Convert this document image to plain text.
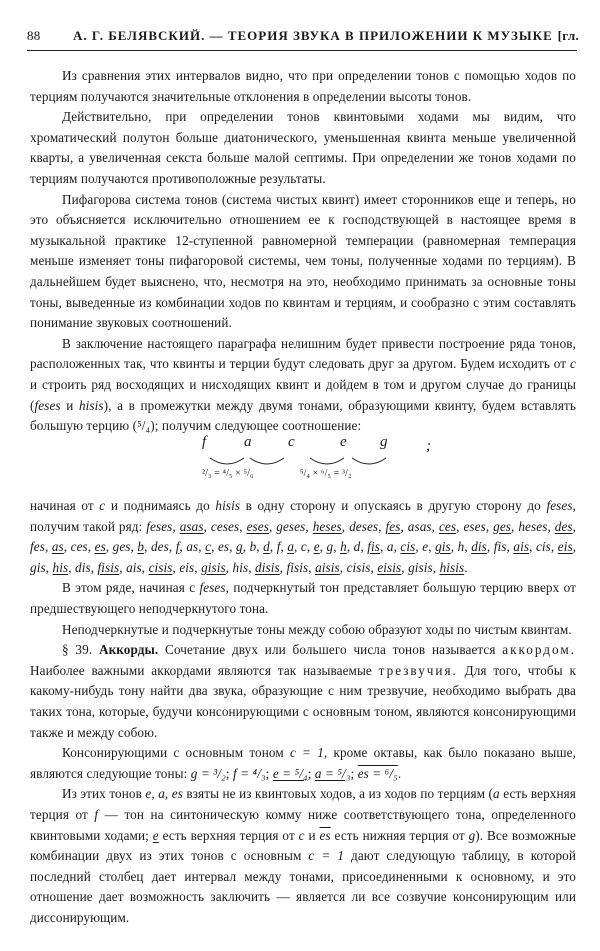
88 А. Г. БЕЛЯВСКИЙ. — ТЕОРИЯ ЗВУКА В ПРИЛОЖЕНИИ К МУЗЫКЕ [гл.

Из сравнения этих интервалов видно, что при определении тонов с помощью ходов по терциям получаются значительные отклонения в определении высоты тонов.

Действительно, при определении тонов квинтовыми ходами мы видим, что хроматический полутон больше диатонического, уменьшенная квинта меньше увеличенной кварты, а увеличенная секста больше малой септимы. При определении же тонов ходами по терциям получаются противоположные результаты.

Пифагорова система тонов (система чистых квинт) имеет сторонников еще и теперь, но это объясняется исключительно отношением ее к господствующей в настоящее время в музыкальной практике 12-ступенной равномерной темперации (равномерная темперация меньше изменяет тоны пифагоровой системы, чем тоны, полученные ходами по терциям). В дальнейшем будет выяснено, что, несмотря на это, необходимо принимать за основные тоны тоны, выведенные из комбинации ходов по квинтам и терциям, и сообразно с этим составлять понимание звуковых соотношений.

В заключение настоящего параграфа нелишним будет привести построение ряда тонов, расположенных так, что квинты и терции будут следовать друг за другом. Будем исходить от c и строить ряд восходящих и нисходящих квинт и дойдем в том и другом случае до границы (feses и hisis), а в промежутки между двумя тонами, образующими квинту, будем вставлять большую терцию (⁵/₄); получим следующее соотношение:

f	a c	e g	;
²/₃ = ⁴/₅ × ⁵/₆	⁵/₄ × ⁶/₅ = ³/₂

начиная от c и поднимаясь до hisis в одну сторону и опускаясь в другую сторону до feses, получим такой ряд: feses, asas, ceses, eses, geses, heses, deses, fes, asas, ces, eses, ges, heses, des, fes, as, ces, es, ges, b, des, f, as, c, es, g, b, d, f, a, c, e, g, h, d, fis, a, cis, e, gis, h, dis, fis, ais, cis, eis, gis, his, dis, fisis, ais, cisis, eis, gisis, his, disis, fisis, aisis, cisis, eisis, gisis, hisis.

В этом ряде, начиная с feses, подчеркнутый тон представляет большую терцию вверх от предшествующего неподчеркнутого тона.

Неподчеркнутые и подчеркнутые тоны между собою образуют ходы по чистым квинтам.

§ 39. Аккорды. Сочетание двух или большего числа тонов называется аккордом. Наиболее важными аккордами являются так называемые трезвучия. Для того, чтобы к какому-нибудь тону найти два звука, образующие с ним трезвучие, необходимо выбрать два таких тона, которые, будучи консонирующими с основным тоном, являются консонирующими также и между собою.

Консонирующими с основным тоном c = 1, кроме октавы, как было показано выше, являются следующие тоны: g = ³/₂; f = ⁴/₃; e = ⁵/₄; a = ⁵/₃; es = ⁶/₅.

Из этих тонов e, a, es взяты не из квинтовых ходов, а из ходов по терциям (a есть верхняя терция от f — тон на синтоническую комму ниже соответствующего тона, определенного квинтовыми ходами; e есть верхняя терция от c и $\overline{es}$ есть нижняя терция от g). Все возможные комбинации двух из этих тонов с основным c = 1 дают следующую таблицу, в которой последний столбец дает интервал между тонами, присоединенными к основному, и это отношение дает возможность заключить — является ли все созвучие консонирующим или диссонирующим.
